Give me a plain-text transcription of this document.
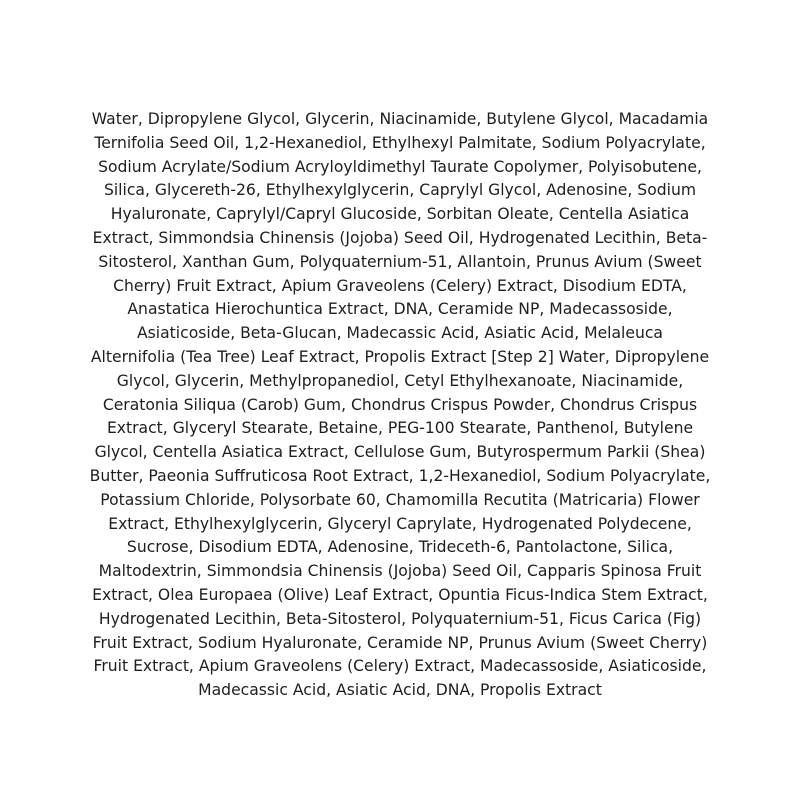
Water, Dipropylene Glycol, Glycerin, Niacinamide, Butylene Glycol, Macadamia
Ternifolia Seed Oil, 1,2-Hexanediol, Ethylhexyl Palmitate, Sodium Polyacrylate,
Sodium Acrylate/Sodium Acryloyldimethyl Taurate Copolymer, Polyisobutene,
Silica, Glycereth-26, Ethylhexylglycerin, Caprylyl Glycol, Adenosine, Sodium
Hyaluronate, Caprylyl/Capryl Glucoside, Sorbitan Oleate, Centella Asiatica
Extract, Simmondsia Chinensis (Jojoba) Seed Oil, Hydrogenated Lecithin, Beta-
Sitosterol, Xanthan Gum, Polyquaternium-51, Allantoin, Prunus Avium (Sweet
Cherry) Fruit Extract, Apium Graveolens (Celery) Extract, Disodium EDTA,
Anastatica Hierochuntica Extract, DNA, Ceramide NP, Madecassoside,
Asiaticoside, Beta-Glucan, Madecassic Acid, Asiatic Acid, Melaleuca
Alternifolia (Tea Tree) Leaf Extract, Propolis Extract [Step 2] Water, Dipropylene
Glycol, Glycerin, Methylpropanediol, Cetyl Ethylhexanoate, Niacinamide,
Ceratonia Siliqua (Carob) Gum, Chondrus Crispus Powder, Chondrus Crispus
Extract, Glyceryl Stearate, Betaine, PEG-100 Stearate, Panthenol, Butylene
Glycol, Centella Asiatica Extract, Cellulose Gum, Butyrospermum Parkii (Shea)
Butter, Paeonia Suffruticosa Root Extract, 1,2-Hexanediol, Sodium Polyacrylate,
Potassium Chloride, Polysorbate 60, Chamomilla Recutita (Matricaria) Flower
Extract, Ethylhexylglycerin, Glyceryl Caprylate, Hydrogenated Polydecene,
Sucrose, Disodium EDTA, Adenosine, Trideceth-6, Pantolactone, Silica,
Maltodextrin, Simmondsia Chinensis (Jojoba) Seed Oil, Capparis Spinosa Fruit
Extract, Olea Europaea (Olive) Leaf Extract, Opuntia Ficus-Indica Stem Extract,
Hydrogenated Lecithin, Beta-Sitosterol, Polyquaternium-51, Ficus Carica (Fig)
Fruit Extract, Sodium Hyaluronate, Ceramide NP, Prunus Avium (Sweet Cherry)
Fruit Extract, Apium Graveolens (Celery) Extract, Madecassoside, Asiaticoside,
Madecassic Acid, Asiatic Acid, DNA, Propolis Extract
